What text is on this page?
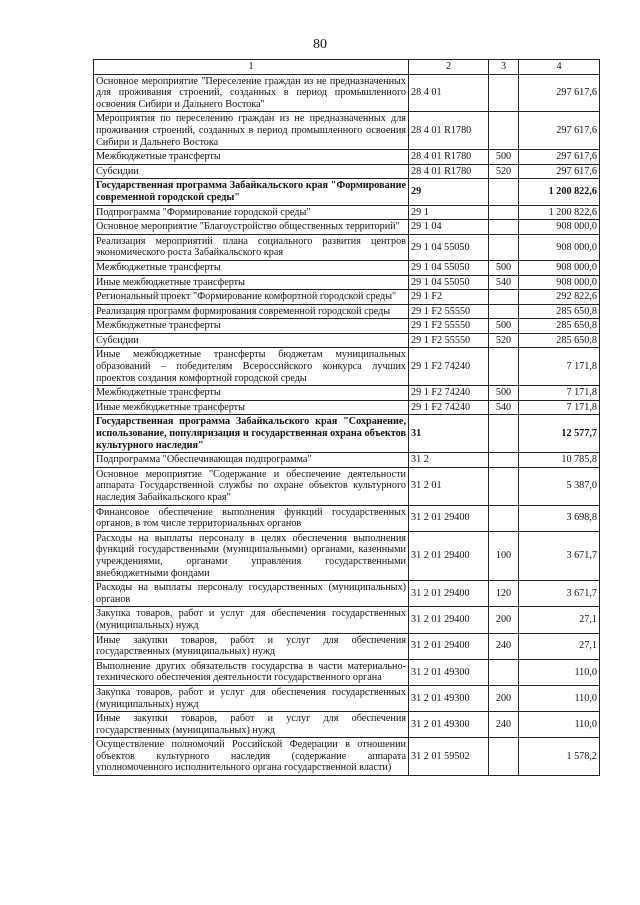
80
1	2	3	4
Основное мероприятие "Переселение граждан из не предназначенных для проживания строений, созданных в период промышленного освоения Сибири и Дальнего Востока"	28 4 01		297 617,6
Мероприятия по переселению граждан из не предназначенных для проживания строений, созданных в период промышленного освоения Сибири и Дальнего Востока	28 4 01 R1780		297 617,6
Межбюджетные трансферты	28 4 01 R1780	500	297 617,6
Субсидии	28 4 01 R1780	520	297 617,6
Государственная программа Забайкальского края "Формирование современной городской среды"	29		1 200 822,6
Подпрограмма "Формирование городской среды"	29 1		1 200 822,6
Основное мероприятие "Благоустройство общественных территорий"	29 1 04		908 000,0
Реализация мероприятий плана социального развития центров экономического роста Забайкальского края	29 1 04 55050		908 000,0
Межбюджетные трансферты	29 1 04 55050	500	908 000,0
Иные межбюджетные трансферты	29 1 04 55050	540	908 000,0
Региональный проект "Формирование комфортной городской среды"	29 1 F2		292 822,6
Реализация программ формирования современной городской среды	29 1 F2 55550		285 650,8
Межбюджетные трансферты	29 1 F2 55550	500	285 650,8
Субсидии	29 1 F2 55550	520	285 650,8
Иные межбюджетные трансферты бюджетам муниципальных образований – победителям Всероссийского конкурса лучших проектов создания комфортной городской среды	29 1 F2 74240		7 171,8
Межбюджетные трансферты	29 1 F2 74240	500	7 171,8
Иные межбюджетные трансферты	29 1 F2 74240	540	7 171,8
Государственная программа Забайкальского края "Сохранение, использование, популяризация и государственная охрана объектов культурного наследия"	31		12 577,7
Подпрограмма "Обеспечивающая подпрограмма"	31 2		10 785,8
Основное мероприятие "Содержание и обеспечение деятельности аппарата Государственной службы по охране объектов культурного наследия Забайкальского края"	31 2 01		5 387,0
Финансовое обеспечение выполнения функций государственных органов, в том числе территориальных органов	31 2 01 29400		3 698,8
Расходы на выплаты персоналу в целях обеспечения выполнения функций государственными (муниципальными) органами, казенными учреждениями, органами управления государственными внебюджетными фондами	31 2 01 29400	100	3 671,7
Расходы на выплаты персоналу государственных (муниципальных) органов	31 2 01 29400	120	3 671,7
Закупка товаров, работ и услуг для обеспечения государственных (муниципальных) нужд	31 2 01 29400	200	27,1
Иные закупки товаров, работ и услуг для обеспечения государственных (муниципальных) нужд	31 2 01 29400	240	27,1
Выполнение других обязательств государства в части материально-технического обеспечения деятельности государственного органа	31 2 01 49300		110,0
Закупка товаров, работ и услуг для обеспечения государственных (муниципальных) нужд	31 2 01 49300	200	110,0
Иные закупки товаров, работ и услуг для обеспечения государственных (муниципальных) нужд	31 2 01 49300	240	110,0
Осуществление полномочий Российской Федерации в отношении объектов культурного наследия (содержание аппарата уполномоченного исполнительного органа государственной власти)	31 2 01 59502		1 578,2
